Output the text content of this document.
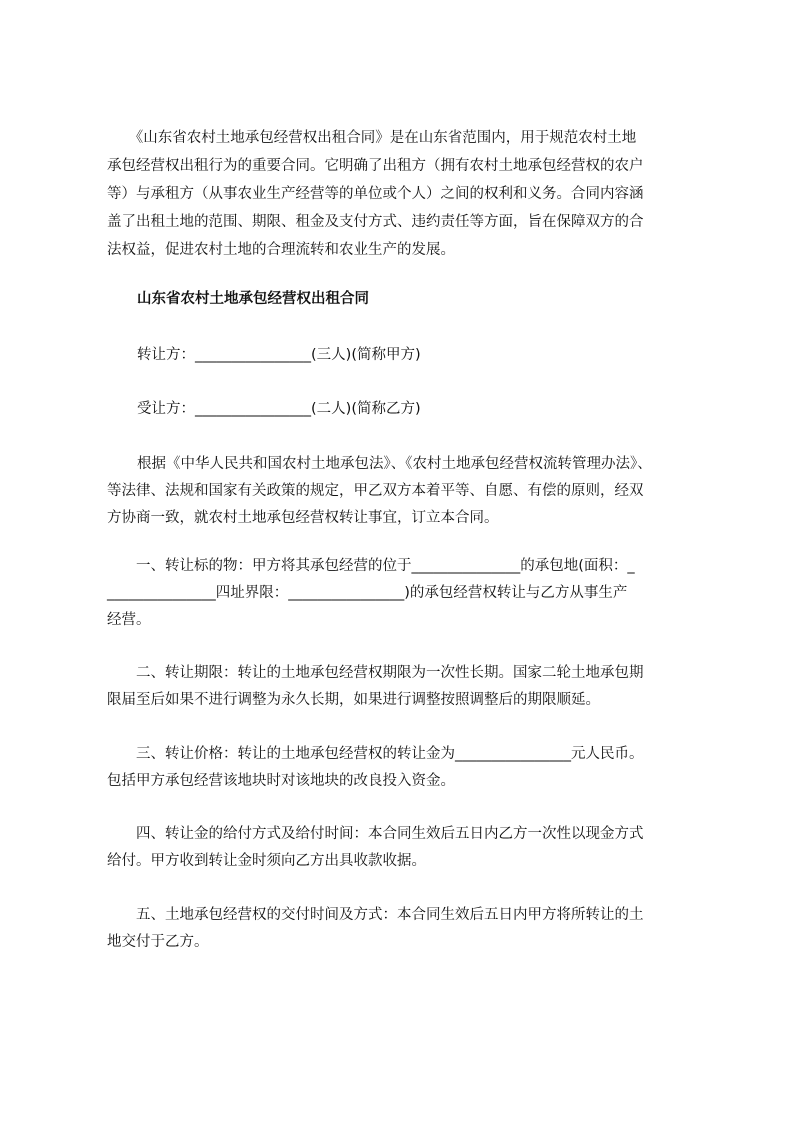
　　《山东省农村土地承包经营权出租合同》是在山东省范围内，用于规范农村土地
承包经营权出租行为的重要合同。它明确了出租方（拥有农村土地承包经营权的农户
等）与承租方（从事农业生产经营等的单位或个人）之间的权利和义务。合同内容涵
盖了出租土地的范围、期限、租金及支付方式、违约责任等方面，旨在保障双方的合
法权益，促进农村土地的合理流转和农业生产的发展。
山东省农村土地承包经营权出租合同
转让方：________________(三人)(简称甲方)
受让方：________________(二人)(简称乙方)
根据《中华人民共和国农村土地承包法》、《农村土地承包经营权流转管理办法》、
等法律、法规和国家有关政策的规定，甲乙双方本着平等、自愿、有偿的原则，经双
方协商一致，就农村土地承包经营权转让事宜，订立本合同。
　　一、转让标的物：甲方将其承包经营的位于_______________的承包地(面积：_
_______________四址界限：________________)的承包经营权转让与乙方从事生产
经营。
　　二、转让期限：转让的土地承包经营权期限为一次性长期。国家二轮土地承包期
限届至后如果不进行调整为永久长期，如果进行调整按照调整后的期限顺延。
　　三、转让价格：转让的土地承包经营权的转让金为________________元人民币。
包括甲方承包经营该地块时对该地块的改良投入资金。
　　四、转让金的给付方式及给付时间：本合同生效后五日内乙方一次性以现金方式
给付。甲方收到转让金时须向乙方出具收款收据。
　　五、土地承包经营权的交付时间及方式：本合同生效后五日内甲方将所转让的土
地交付于乙方。
